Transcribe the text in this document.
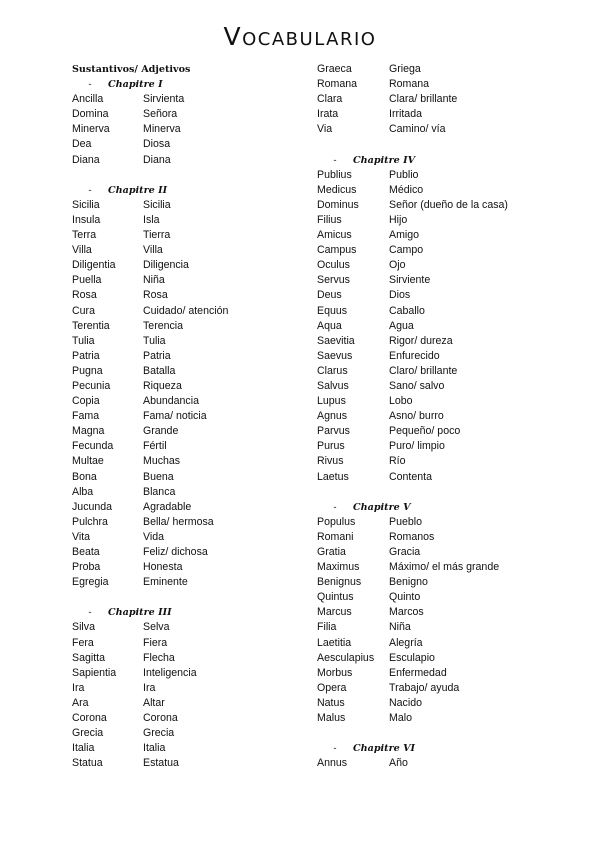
Vocabulario
Sustantivos/ Adjetivos
- Chapitre I
Ancilla	Sirvienta
Domina	Señora
Minerva	Minerva
Dea	Diosa
Diana	Diana
- Chapitre II
Sicilia	Sicilia
Insula	Isla
Terra	Tierra
Villa	Villa
Diligentia	Diligencia
Puella	Niña
Rosa	Rosa
Cura	Cuidado/ atención
Terentia	Terencia
Tulia	Tulia
Patria	Patria
Pugna	Batalla
Pecunia	Riqueza
Copia	Abundancia
Fama	Fama/ noticia
Magna	Grande
Fecunda	Fértil
Multae	Muchas
Bona	Buena
Alba	Blanca
Jucunda	Agradable
Pulchra	Bella/ hermosa
Vita	Vida
Beata	Feliz/ dichosa
Proba	Honesta
Egregia	Eminente
- Chapitre III
Silva	Selva
Fera	Fiera
Sagitta	Flecha
Sapientia	Inteligencia
Ira	Ira
Ara	Altar
Corona	Corona
Grecia	Grecia
Italia	Italia
Statua	Estatua
Graeca	Griega
Romana	Romana
Clara	Clara/ brillante
Irata	Irritada
Via	Camino/ vía
- Chapitre IV
Publius	Publio
Medicus	Médico
Dominus	Señor (dueño de la casa)
Filius	Hijo
Amicus	Amigo
Campus	Campo
Oculus	Ojo
Servus	Sirviente
Deus	Dios
Equus	Caballo
Aqua	Agua
Saevitia	Rigor/ dureza
Saevus	Enfurecido
Clarus	Claro/ brillante
Salvus	Sano/ salvo
Lupus	Lobo
Agnus	Asno/ burro
Parvus	Pequeño/ poco
Purus	Puro/ limpio
Rivus	Río
Laetus	Contenta
- Chapitre V
Populus	Pueblo
Romani	Romanos
Gratia	Gracia
Maximus	Máximo/ el más grande
Benignus	Benigno
Quintus	Quinto
Marcus	Marcos
Filia	Niña
Laetitia	Alegría
Aesculapius Esculapio
Morbus	Enfermedad
Opera	Trabajo/ ayuda
Natus	Nacido
Malus	Malo
- Chapitre VI
Annus	Año
